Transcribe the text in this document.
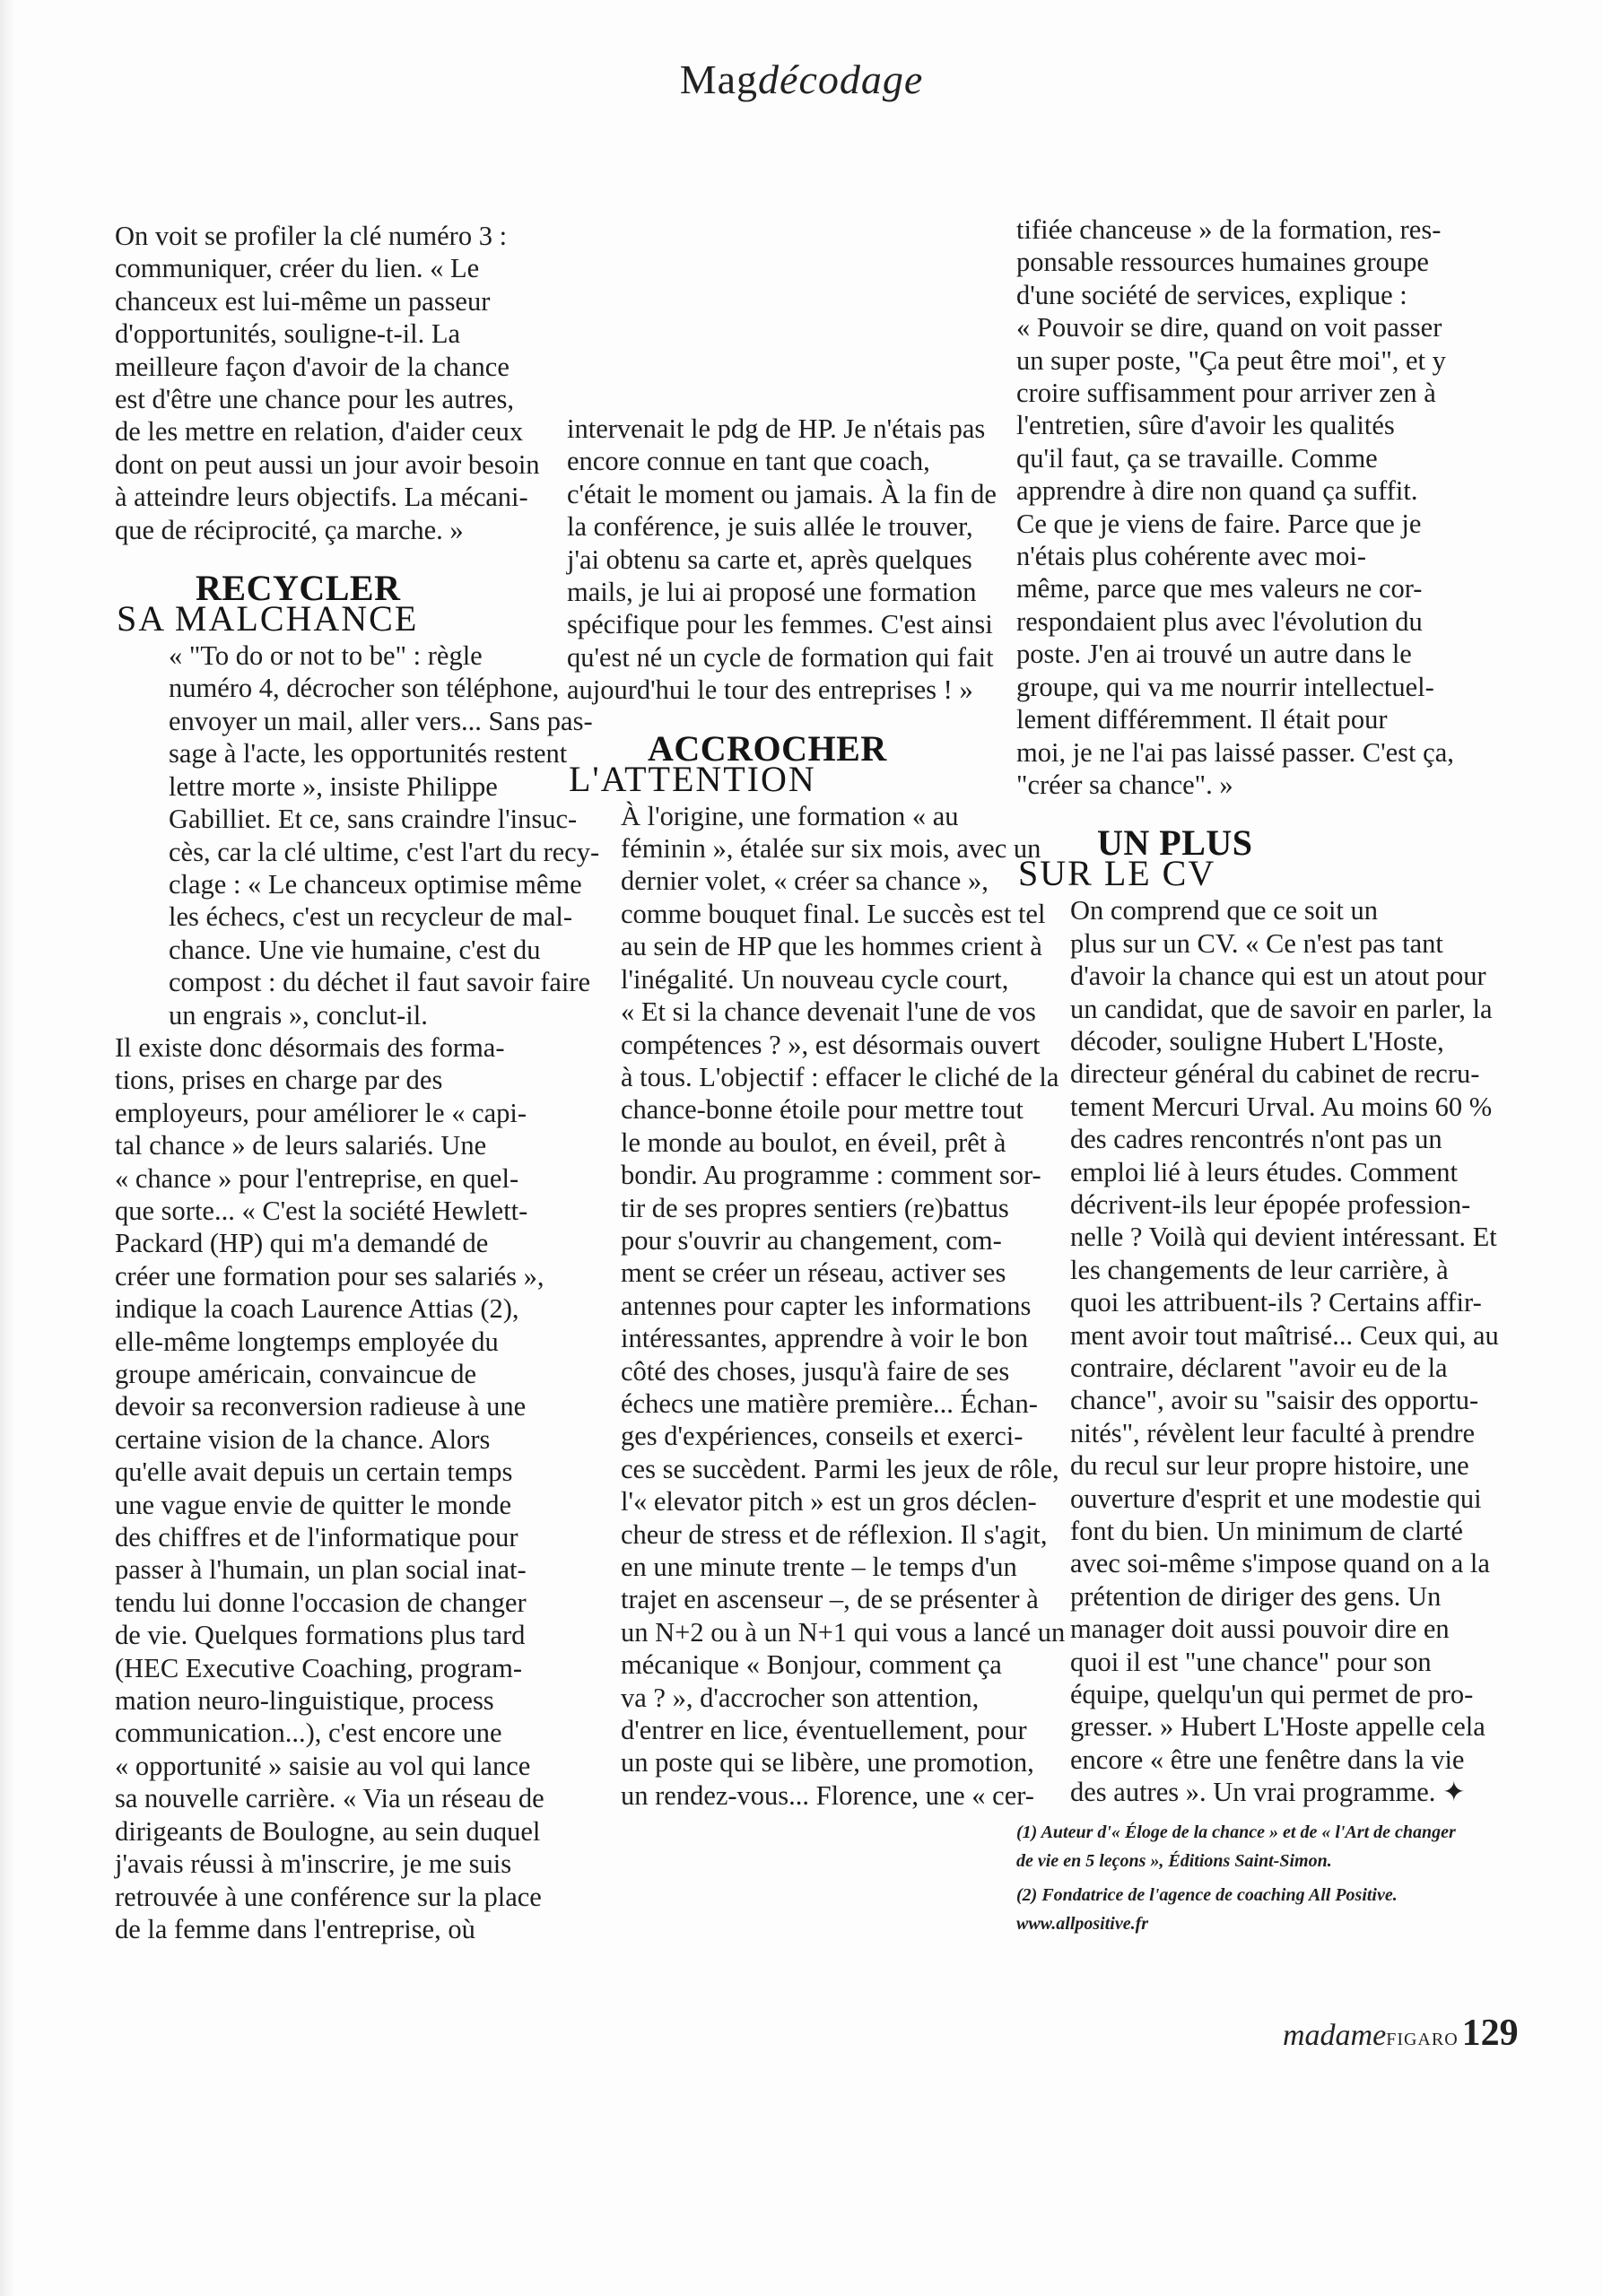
Magdécodage

On voit se profiler la clé numéro 3 :
communiquer, créer du lien. « Le
chanceux est lui-même un passeur
d'opportunités, souligne-t-il. La
meilleure façon d'avoir de la chance
est d'être une chance pour les autres,
de les mettre en relation, d'aider ceux
dont on peut aussi un jour avoir besoin
à atteindre leurs objectifs. La mécani-
que de réciprocité, ça marche. »

RECYCLER
SA MALCHANCE

« "To do or not to be" : règle
numéro 4, décrocher son téléphone,
envoyer un mail, aller vers... Sans pas-
sage à l'acte, les opportunités restent
lettre morte », insiste Philippe
Gabilliet. Et ce, sans craindre l'insuc-
cès, car la clé ultime, c'est l'art du recy-
clage : « Le chanceux optimise même
les échecs, c'est un recycleur de mal-
chance. Une vie humaine, c'est du
compost : du déchet il faut savoir faire
un engrais », conclut-il.

Il existe donc désormais des forma-
tions, prises en charge par des
employeurs, pour améliorer le « capi-
tal chance » de leurs salariés. Une
« chance » pour l'entreprise, en quel-
que sorte... « C'est la société Hewlett-
Packard (HP) qui m'a demandé de
créer une formation pour ses salariés »,
indique la coach Laurence Attias (2),
elle-même longtemps employée du
groupe américain, convaincue de
devoir sa reconversion radieuse à une
certaine vision de la chance. Alors
qu'elle avait depuis un certain temps
une vague envie de quitter le monde
des chiffres et de l'informatique pour
passer à l'humain, un plan social inat-
tendu lui donne l'occasion de changer
de vie. Quelques formations plus tard
(HEC Executive Coaching, program-
mation neuro-linguistique, process
communication...), c'est encore une
« opportunité » saisie au vol qui lance
sa nouvelle carrière. « Via un réseau de
dirigeants de Boulogne, au sein duquel
j'avais réussi à m'inscrire, je me suis
retrouvée à une conférence sur la place
de la femme dans l'entreprise, où

intervenait le pdg de HP. Je n'étais pas
encore connue en tant que coach,
c'était le moment ou jamais. À la fin de
la conférence, je suis allée le trouver,
j'ai obtenu sa carte et, après quelques
mails, je lui ai proposé une formation
spécifique pour les femmes. C'est ainsi
qu'est né un cycle de formation qui fait
aujourd'hui le tour des entreprises ! »

ACCROCHER
L'ATTENTION

À l'origine, une formation « au
féminin », étalée sur six mois, avec un
dernier volet, « créer sa chance »,
comme bouquet final. Le succès est tel
au sein de HP que les hommes crient à
l'inégalité. Un nouveau cycle court,
« Et si la chance devenait l'une de vos
compétences ? », est désormais ouvert
à tous. L'objectif : effacer le cliché de la
chance-bonne étoile pour mettre tout
le monde au boulot, en éveil, prêt à
bondir. Au programme : comment sor-
tir de ses propres sentiers (re)battus
pour s'ouvrir au changement, com-
ment se créer un réseau, activer ses
antennes pour capter les informations
intéressantes, apprendre à voir le bon
côté des choses, jusqu'à faire de ses
échecs une matière première... Échan-
ges d'expériences, conseils et exerci-
ces se succèdent. Parmi les jeux de rôle,
l'« elevator pitch » est un gros déclen-
cheur de stress et de réflexion. Il s'agit,
en une minute trente – le temps d'un
trajet en ascenseur –, de se présenter à
un N+2 ou à un N+1 qui vous a lancé un
mécanique « Bonjour, comment ça
va ? », d'accrocher son attention,
d'entrer en lice, éventuellement, pour
un poste qui se libère, une promotion,
un rendez-vous... Florence, une « cer-

tifiée chanceuse » de la formation, res-
ponsable ressources humaines groupe
d'une société de services, explique :
« Pouvoir se dire, quand on voit passer
un super poste, "Ça peut être moi", et y
croire suffisamment pour arriver zen à
l'entretien, sûre d'avoir les qualités
qu'il faut, ça se travaille. Comme
apprendre à dire non quand ça suffit.
Ce que je viens de faire. Parce que je
n'étais plus cohérente avec moi-
même, parce que mes valeurs ne cor-
respondaient plus avec l'évolution du
poste. J'en ai trouvé un autre dans le
groupe, qui va me nourrir intellectuel-
lement différemment. Il était pour
moi, je ne l'ai pas laissé passer. C'est ça,
"créer sa chance". »

UN PLUS
SUR LE CV

On comprend que ce soit un
plus sur un CV. « Ce n'est pas tant
d'avoir la chance qui est un atout pour
un candidat, que de savoir en parler, la
décoder, souligne Hubert L'Hoste,
directeur général du cabinet de recru-
tement Mercuri Urval. Au moins 60 %
des cadres rencontrés n'ont pas un
emploi lié à leurs études. Comment
décrivent-ils leur épopée profession-
nelle ? Voilà qui devient intéressant. Et
les changements de leur carrière, à
quoi les attribuent-ils ? Certains affir-
ment avoir tout maîtrisé... Ceux qui, au
contraire, déclarent "avoir eu de la
chance", avoir su "saisir des opportu-
nités", révèlent leur faculté à prendre
du recul sur leur propre histoire, une
ouverture d'esprit et une modestie qui
font du bien. Un minimum de clarté
avec soi-même s'impose quand on a la
prétention de diriger des gens. Un
manager doit aussi pouvoir dire en
quoi il est "une chance" pour son
équipe, quelqu'un qui permet de pro-
gresser. » Hubert L'Hoste appelle cela
encore « être une fenêtre dans la vie
des autres ». Un vrai programme. ✦

(1) Auteur d'« Éloge de la chance » et de « l'Art de changer de vie en 5 leçons », Éditions Saint-Simon.

(2) Fondatrice de l'agence de coaching All Positive. www.allpositive.fr

madameFIGARO129
